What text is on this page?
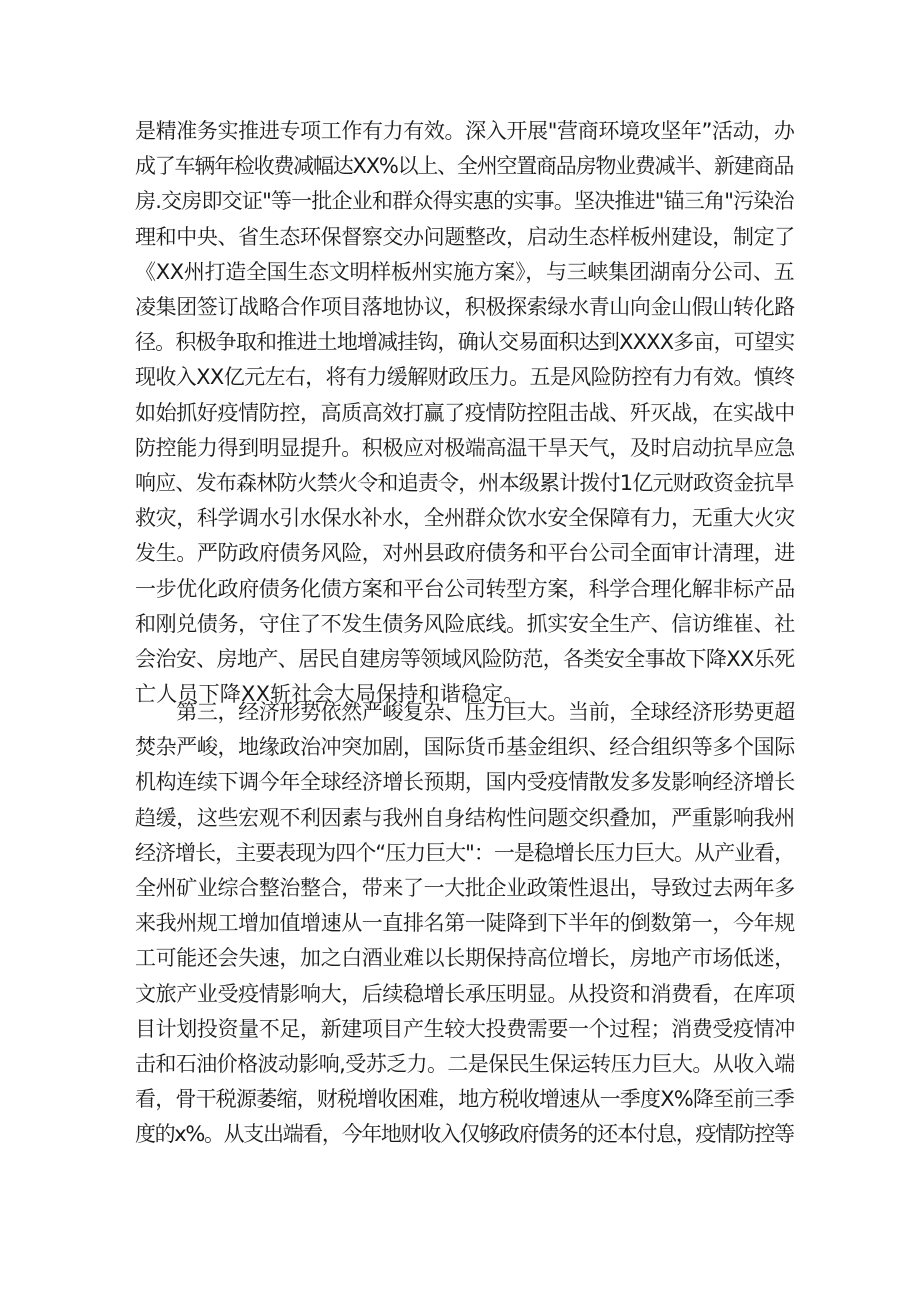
是精准务实推进专项工作有力有效。深入开展"营商环境攻坚年”活动，办
成了车辆年检收费减幅达XX%以上、全州空置商品房物业费减半、新建商品
房.交房即交证"等一批企业和群众得实惠的实事。坚决推进"锚三角"污染治
理和中央、省生态环保督察交办问题整改，启动生态样板州建设，制定了
《XX州打造全国生态文明样板州实施方案》，与三峡集团湖南分公司、五
凌集团签订战略合作项目落地协议，积极探索绿水青山向金山假山转化路
径。积极争取和推进土地增减挂钩，确认交易面积达到XXXX多亩，可望实
现收入XX亿元左右，将有力缓解财政压力。五是风险防控有力有效。慎终
如始抓好疫情防控，高质高效打赢了疫情防控阻击战、歼灭战，在实战中
防控能力得到明显提升。积极应对极端高温干旱天气，及时启动抗旱应急
响应、发布森林防火禁火令和追责令，州本级累计拨付1亿元财政资金抗旱
救灾，科学调水引水保水补水，全州群众饮水安全保障有力，无重大火灾
发生。严防政府债务风险，对州县政府债务和平台公司全面审计清理，进
一步优化政府债务化债方案和平台公司转型方案，科学合理化解非标产品
和刚兑债务，守住了不发生债务风险底线。抓实安全生产、信访维崔、社
会治安、房地产、居民自建房等领域风险防范，各类安全事故下降XX乐死
亡人员下降XX斩社会大局保持和谐稳定。

　　第三，经济形势依然严峻复杂、压力巨大。当前，全球经济形势更超
焚杂严峻，地缘政治冲突加剧，国际货币基金组织、经合组织等多个国际
机构连续下调今年全球经济增长预期，国内受疫情散发多发影响经济增长
趋缓，这些宏观不利因素与我州自身结构性问题交织叠加，严重影响我州
经济增长，主要表现为四个“压力巨大"：一是稳增长压力巨大。从产业看，
全州矿业综合整治整合，带来了一大批企业政策性退出，导致过去两年多
来我州规工增加值增速从一直排名第一陡降到下半年的倒数第一，今年规
工可能还会失速，加之白酒业难以长期保持高位增长，房地产市场低迷，
文旅产业受疫情影响大，后续稳增长承压明显。从投资和消费看，在库项
目计划投资量不足，新建项目产生较大投费需要一个过程；消费受疫情冲
击和石油价格波动影响,受苏乏力。二是保民生保运转压力巨大。从收入端
看，骨干税源萎缩，财税增收困难，地方税收增速从一季度X%降至前三季
度的x%。从支出端看，今年地财收入仅够政府债务的还本付息，疫情防控等
